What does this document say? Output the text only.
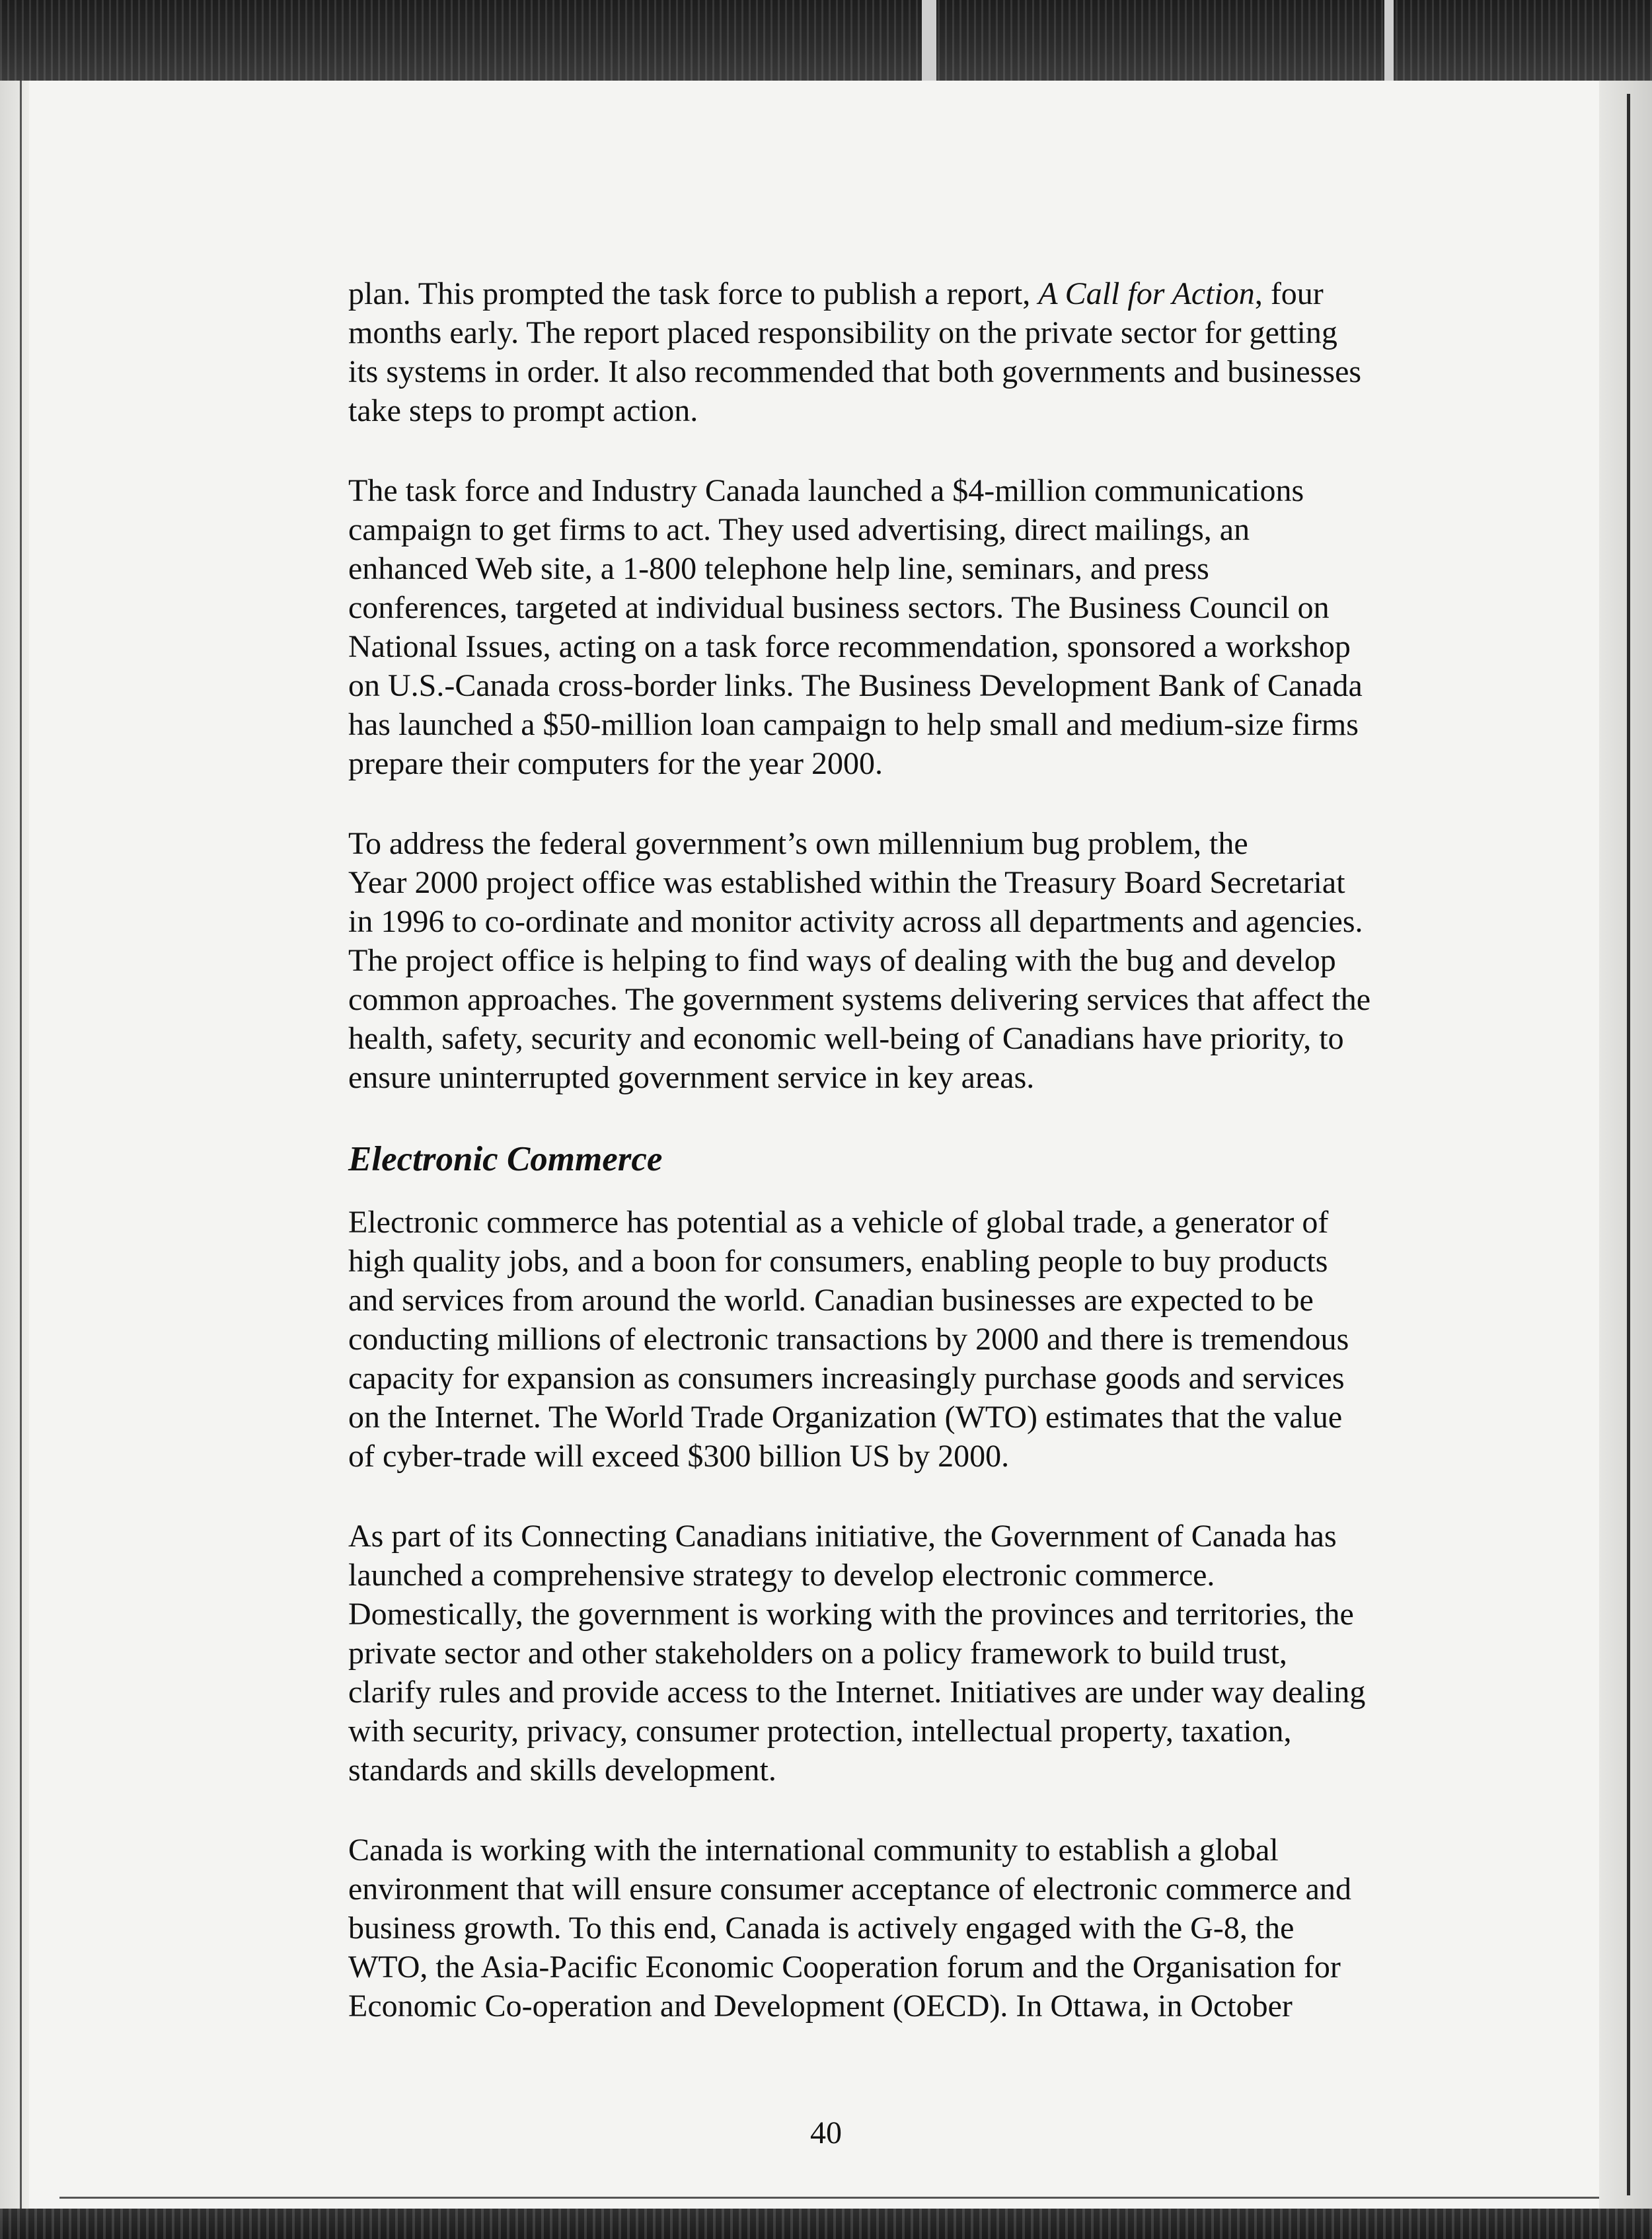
plan. This prompted the task force to publish a report, A Call for Action, four
months early. The report placed responsibility on the private sector for getting
its systems in order. It also recommended that both governments and businesses
take steps to prompt action.

The task force and Industry Canada launched a $4-million communications
campaign to get firms to act. They used advertising, direct mailings, an
enhanced Web site, a 1-800 telephone help line, seminars, and press
conferences, targeted at individual business sectors. The Business Council on
National Issues, acting on a task force recommendation, sponsored a workshop
on U.S.-Canada cross-border links. The Business Development Bank of Canada
has launched a $50-million loan campaign to help small and medium-size firms
prepare their computers for the year 2000.

To address the federal government’s own millennium bug problem, the
Year 2000 project office was established within the Treasury Board Secretariat
in 1996 to co-ordinate and monitor activity across all departments and agencies.
The project office is helping to find ways of dealing with the bug and develop
common approaches. The government systems delivering services that affect the
health, safety, security and economic well-being of Canadians have priority, to
ensure uninterrupted government service in key areas.

Electronic Commerce

Electronic commerce has potential as a vehicle of global trade, a generator of
high quality jobs, and a boon for consumers, enabling people to buy products
and services from around the world. Canadian businesses are expected to be
conducting millions of electronic transactions by 2000 and there is tremendous
capacity for expansion as consumers increasingly purchase goods and services
on the Internet. The World Trade Organization (WTO) estimates that the value
of cyber-trade will exceed $300 billion US by 2000.

As part of its Connecting Canadians initiative, the Government of Canada has
launched a comprehensive strategy to develop electronic commerce.
Domestically, the government is working with the provinces and territories, the
private sector and other stakeholders on a policy framework to build trust,
clarify rules and provide access to the Internet. Initiatives are under way dealing
with security, privacy, consumer protection, intellectual property, taxation,
standards and skills development.

Canada is working with the international community to establish a global
environment that will ensure consumer acceptance of electronic commerce and
business growth. To this end, Canada is actively engaged with the G-8, the
WTO, the Asia-Pacific Economic Cooperation forum and the Organisation for
Economic Co-operation and Development (OECD). In Ottawa, in October

40
